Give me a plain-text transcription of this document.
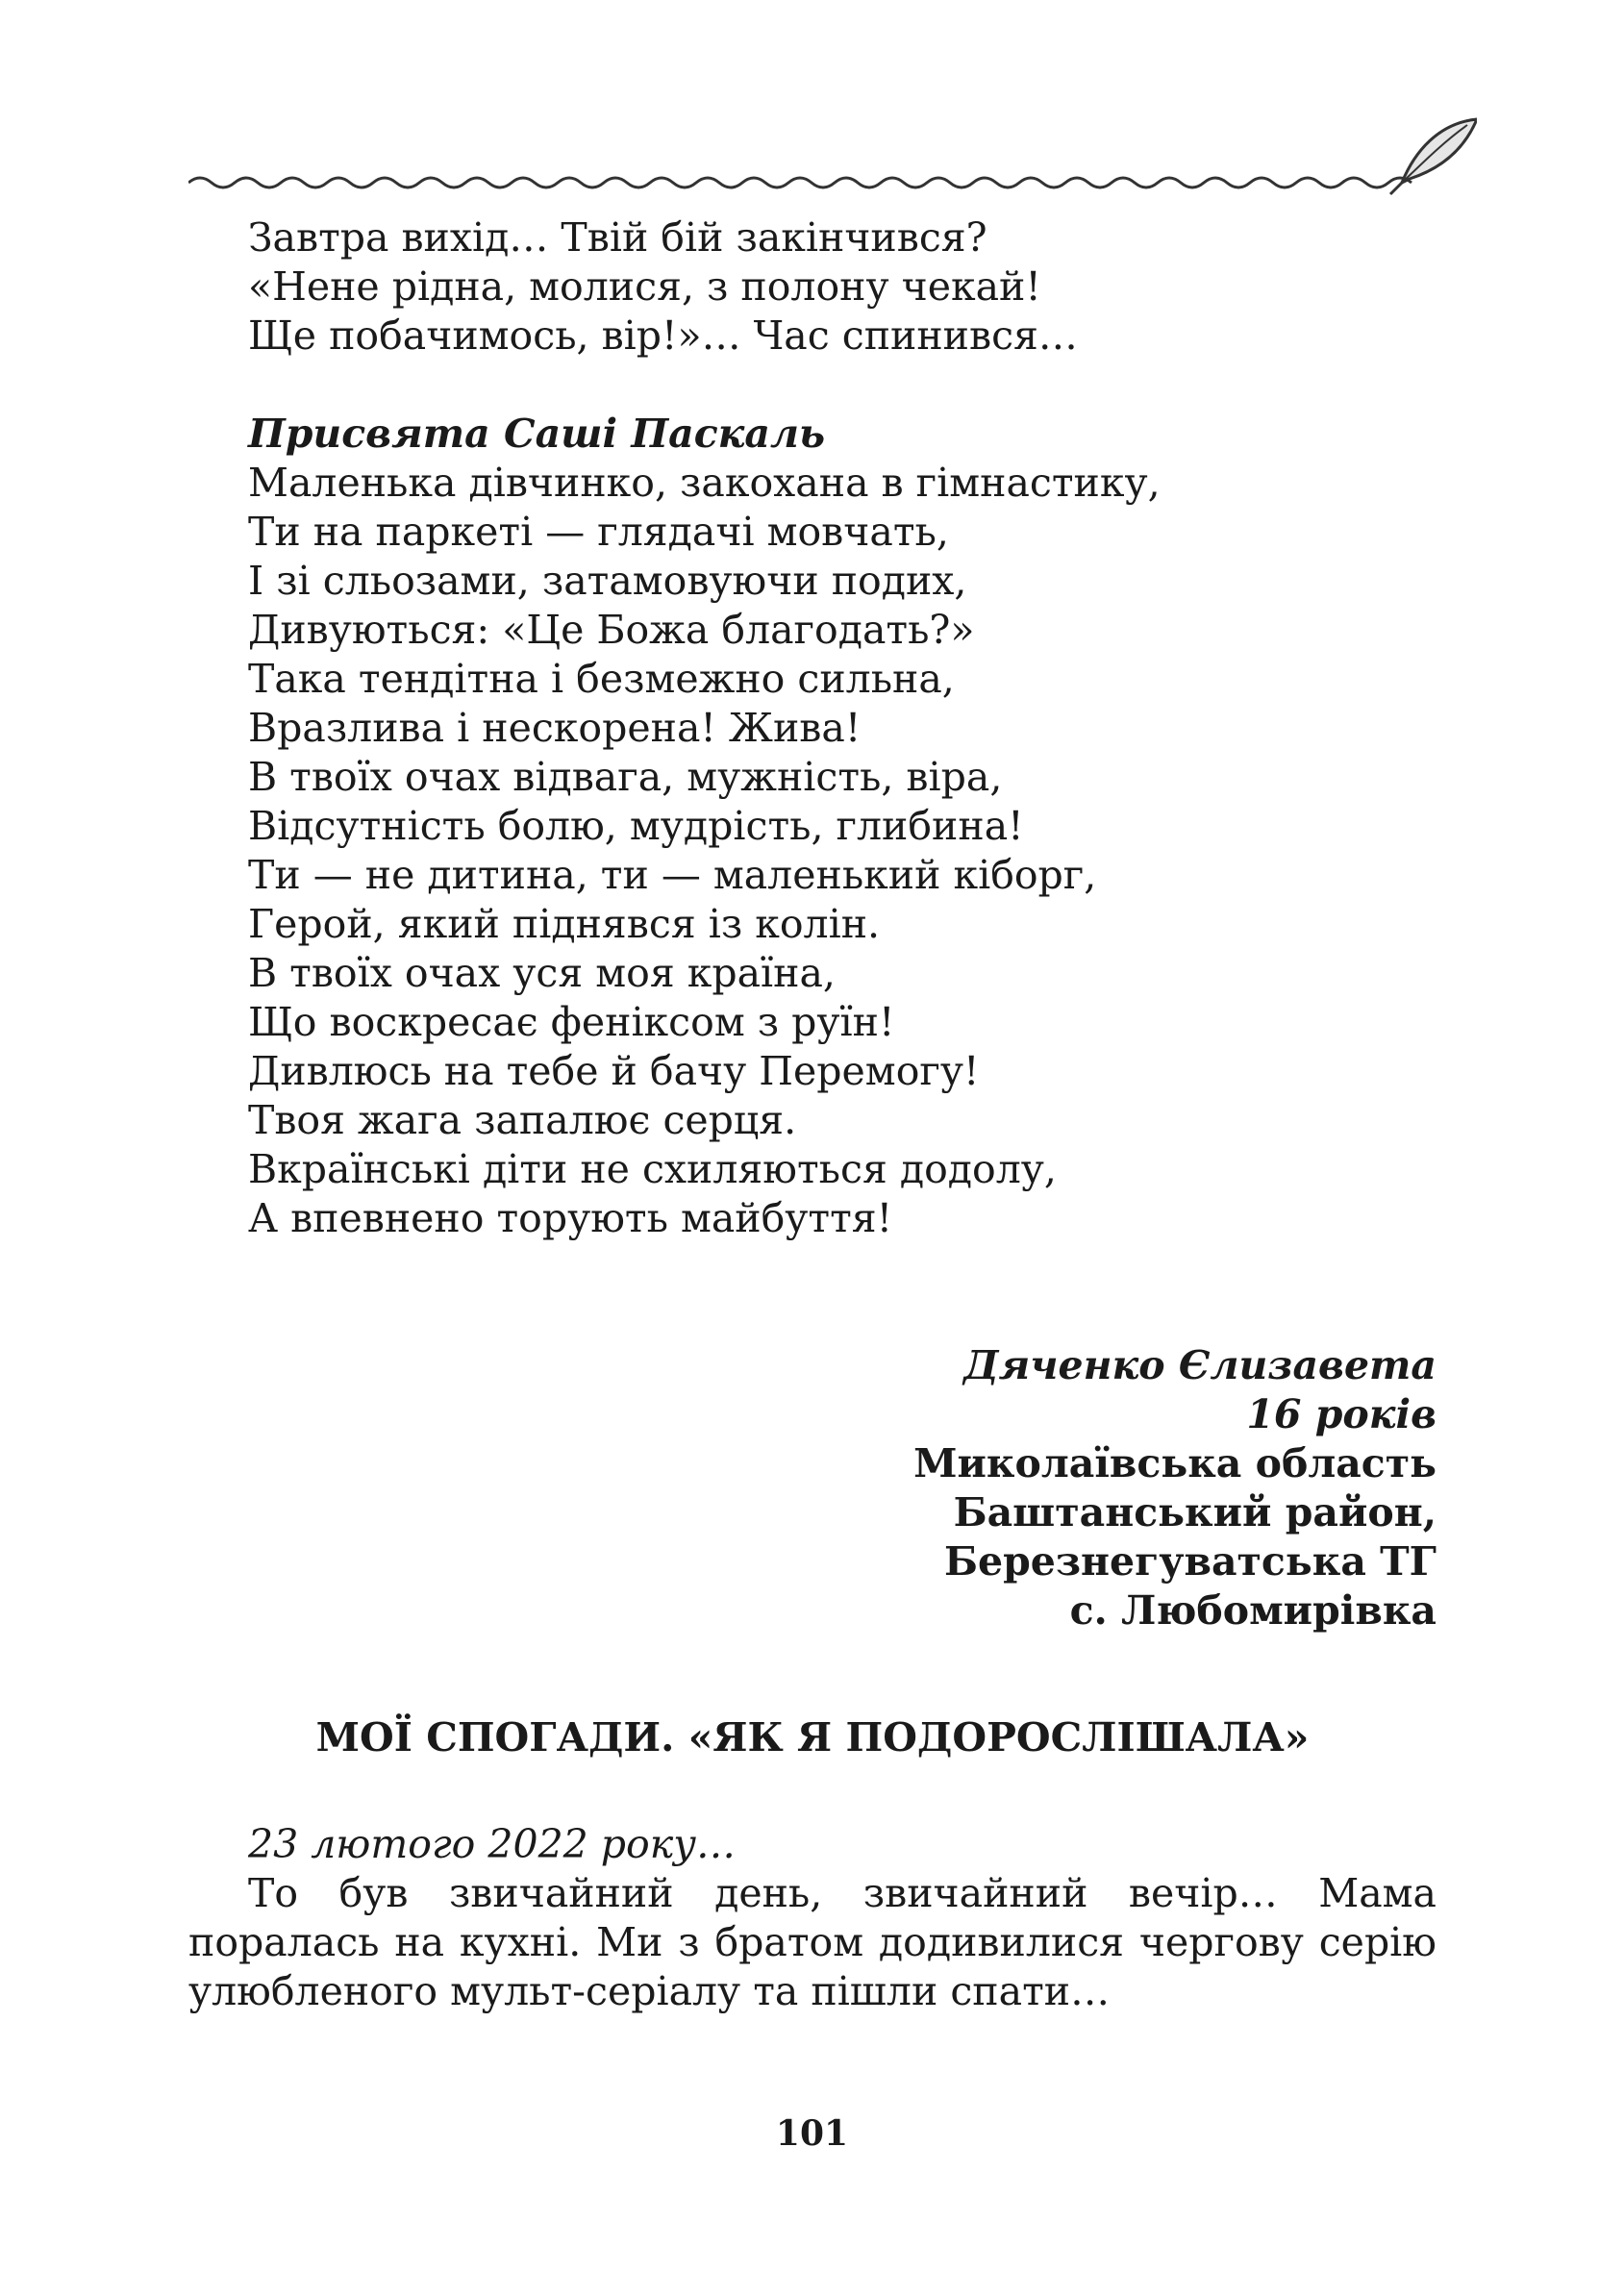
Завтра вихід… Твій бій закінчився?
«Нене рідна, молися, з полону чекай!
Ще побачимось, вір!»… Час спинився…
Присвята Саші Паскаль
Маленька дівчинко, закохана в гімнастику,
Ти на паркеті — глядачі мовчать,
І зі сльозами, затамовуючи подих,
Дивуються: «Це Божа благодать?»
Така тендітна і безмежно сильна,
Вразлива і нескорена! Жива!
В твоїх очах відвага, мужність, віра,
Відсутність болю, мудрість, глибина!
Ти — не дитина, ти — маленький кіборг,
Герой, який піднявся із колін.
В твоїх очах уся моя країна,
Що воскресає феніксом з руїн!
Дивлюсь на тебе й бачу Перемогу!
Твоя жага запалює серця.
Вкраїнські діти не схиляються додолу,
А впевнено торують майбуття!
Дяченко Єлизавета
16 років
Миколаївська область
Баштанський район,
Березнегуватська ТГ
с. Любомирівка
МОЇ СПОГАДИ. «ЯК Я ПОДОРОСЛІШАЛА»
23 лютого 2022 року…
То був звичайний день, звичайний вечір… Мама поралась на кухні. Ми з братом додивилися чергову серію улюбленого мульт-серіалу та пішли спати…
101
